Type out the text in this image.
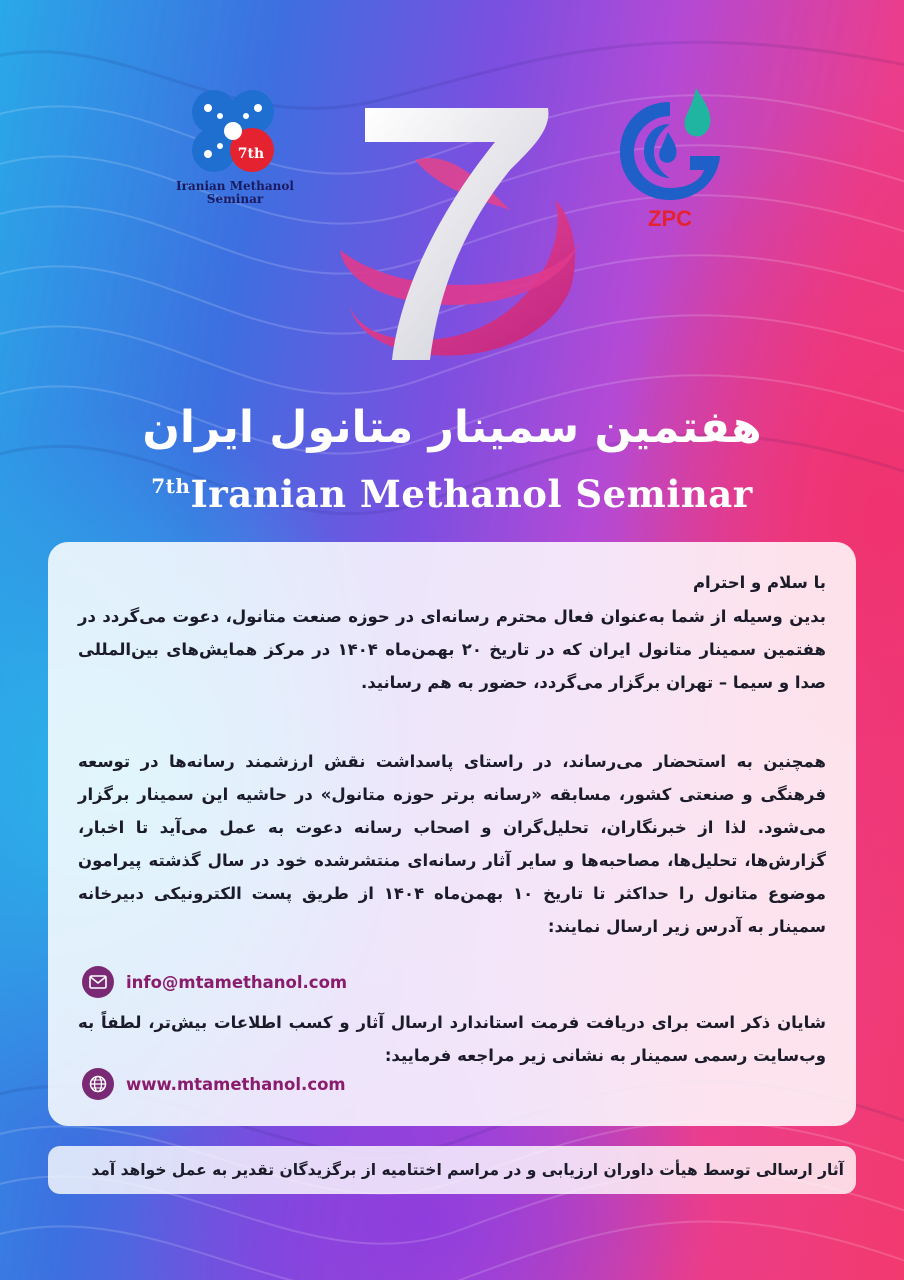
7th
Iranian Methanol Seminar
ZPC
هفتمین سمینار متانول ایران
$^{7th}$Iranian Methanol Seminar
با سلام و احترام
بدین وسیله از شما به‌عنوان فعال محترم رسانه‌ای در حوزه صنعت متانول، دعوت می‌گردد در هفتمین سمینار متانول ایران که در تاریخ ۲۰ بهمن‌ماه ۱۴۰۴ در مرکز همایش‌های بین‌المللی صدا و سیما – تهران برگزار می‌گردد، حضور به هم رسانید.
همچنین به استحضار می‌رساند، در راستای پاسداشت نقش ارزشمند رسانه‌ها در توسعه فرهنگی و صنعتی کشور، مسابقه «رسانه برتر حوزه متانول» در حاشیه این سمینار برگزار می‌شود. لذا از خبرنگاران، تحلیل‌گران و اصحاب رسانه دعوت به عمل می‌آید تا اخبار، گزارش‌ها، تحلیل‌ها، مصاحبه‌ها و سایر آثار رسانه‌ای منتشرشده خود در سال گذشته پیرامون موضوع متانول را حداکثر تا تاریخ ۱۰ بهمن‌ماه ۱۴۰۴ از طریق پست الکترونیکی دبیرخانه سمینار به آدرس زیر ارسال نمایند:
info@mtamethanol.com
شایان ذکر است برای دریافت فرمت استاندارد ارسال آثار و کسب اطلاعات بیش‌تر، لطفاً به وب‌سایت رسمی سمینار به نشانی زیر مراجعه فرمایید:
www.mtamethanol.com
آثار ارسالی توسط هیأت داوران ارزیابی و در مراسم اختتامیه از برگزیدگان تقدیر به عمل خواهد آمد
